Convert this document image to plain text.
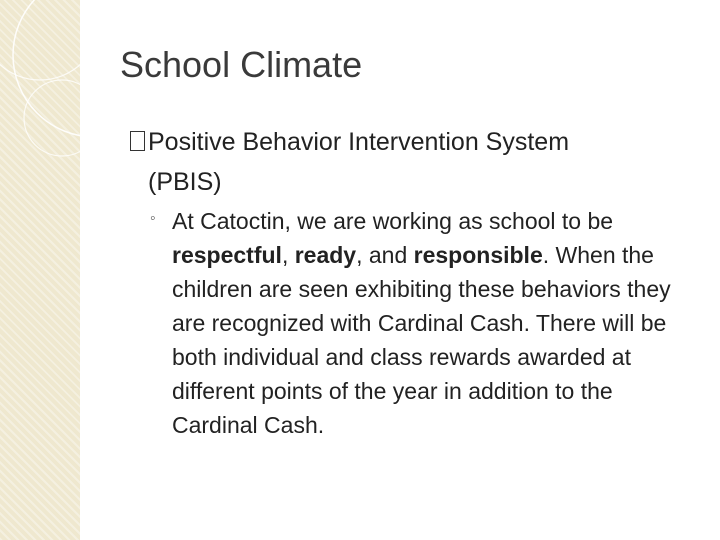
School Climate
Positive Behavior Intervention System
(PBIS)
◦ At Catoctin, we are working as school to be respectful, ready, and responsible. When the children are seen exhibiting these behaviors they are recognized with Cardinal Cash. There will be both individual and class rewards awarded at different points of the year in addition to the Cardinal Cash.
